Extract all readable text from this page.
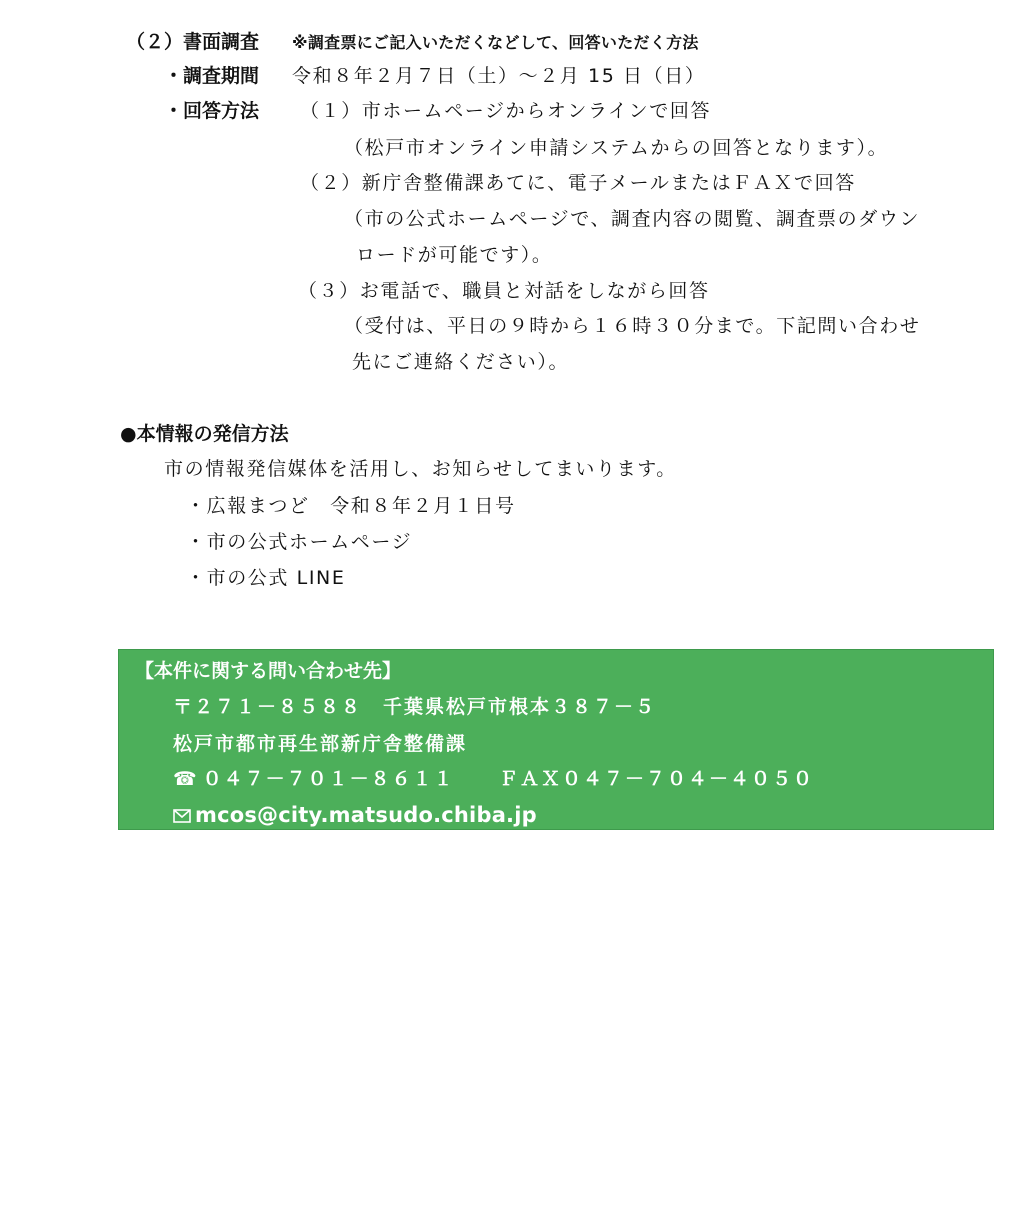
（２）書面調査 ※調査票にご記入いただくなどして、回答いただく方法
・調査期間 令和８年２月７日（土）～２月 15 日（日）
・回答方法 （１）市ホームページからオンラインで回答
（松戸市オンライン申請システムからの回答となります）。
（２）新庁舎整備課あてに、電子メールまたはＦＡＸで回答
（市の公式ホームページで、調査内容の閲覧、調査票のダウン
ロードが可能です）。
（３）お電話で、職員と対話をしながら回答
（受付は、平日の９時から１６時３０分まで。下記問い合わせ
先にご連絡ください）。
●本情報の発信方法
市の情報発信媒体を活用し、お知らせしてまいります。
・広報まつど　令和８年２月１日号
・市の公式ホームページ
・市の公式 LINE
【本件に関する問い合わせ先】
〒２７１－８５８８　千葉県松戸市根本３８７－５
松戸市都市再生部新庁舎整備課
☎ ０４７－７０１－８６１１ ＦＡＸ０４７－７０４－４０５０
mcos@city.matsudo.chiba.jp
